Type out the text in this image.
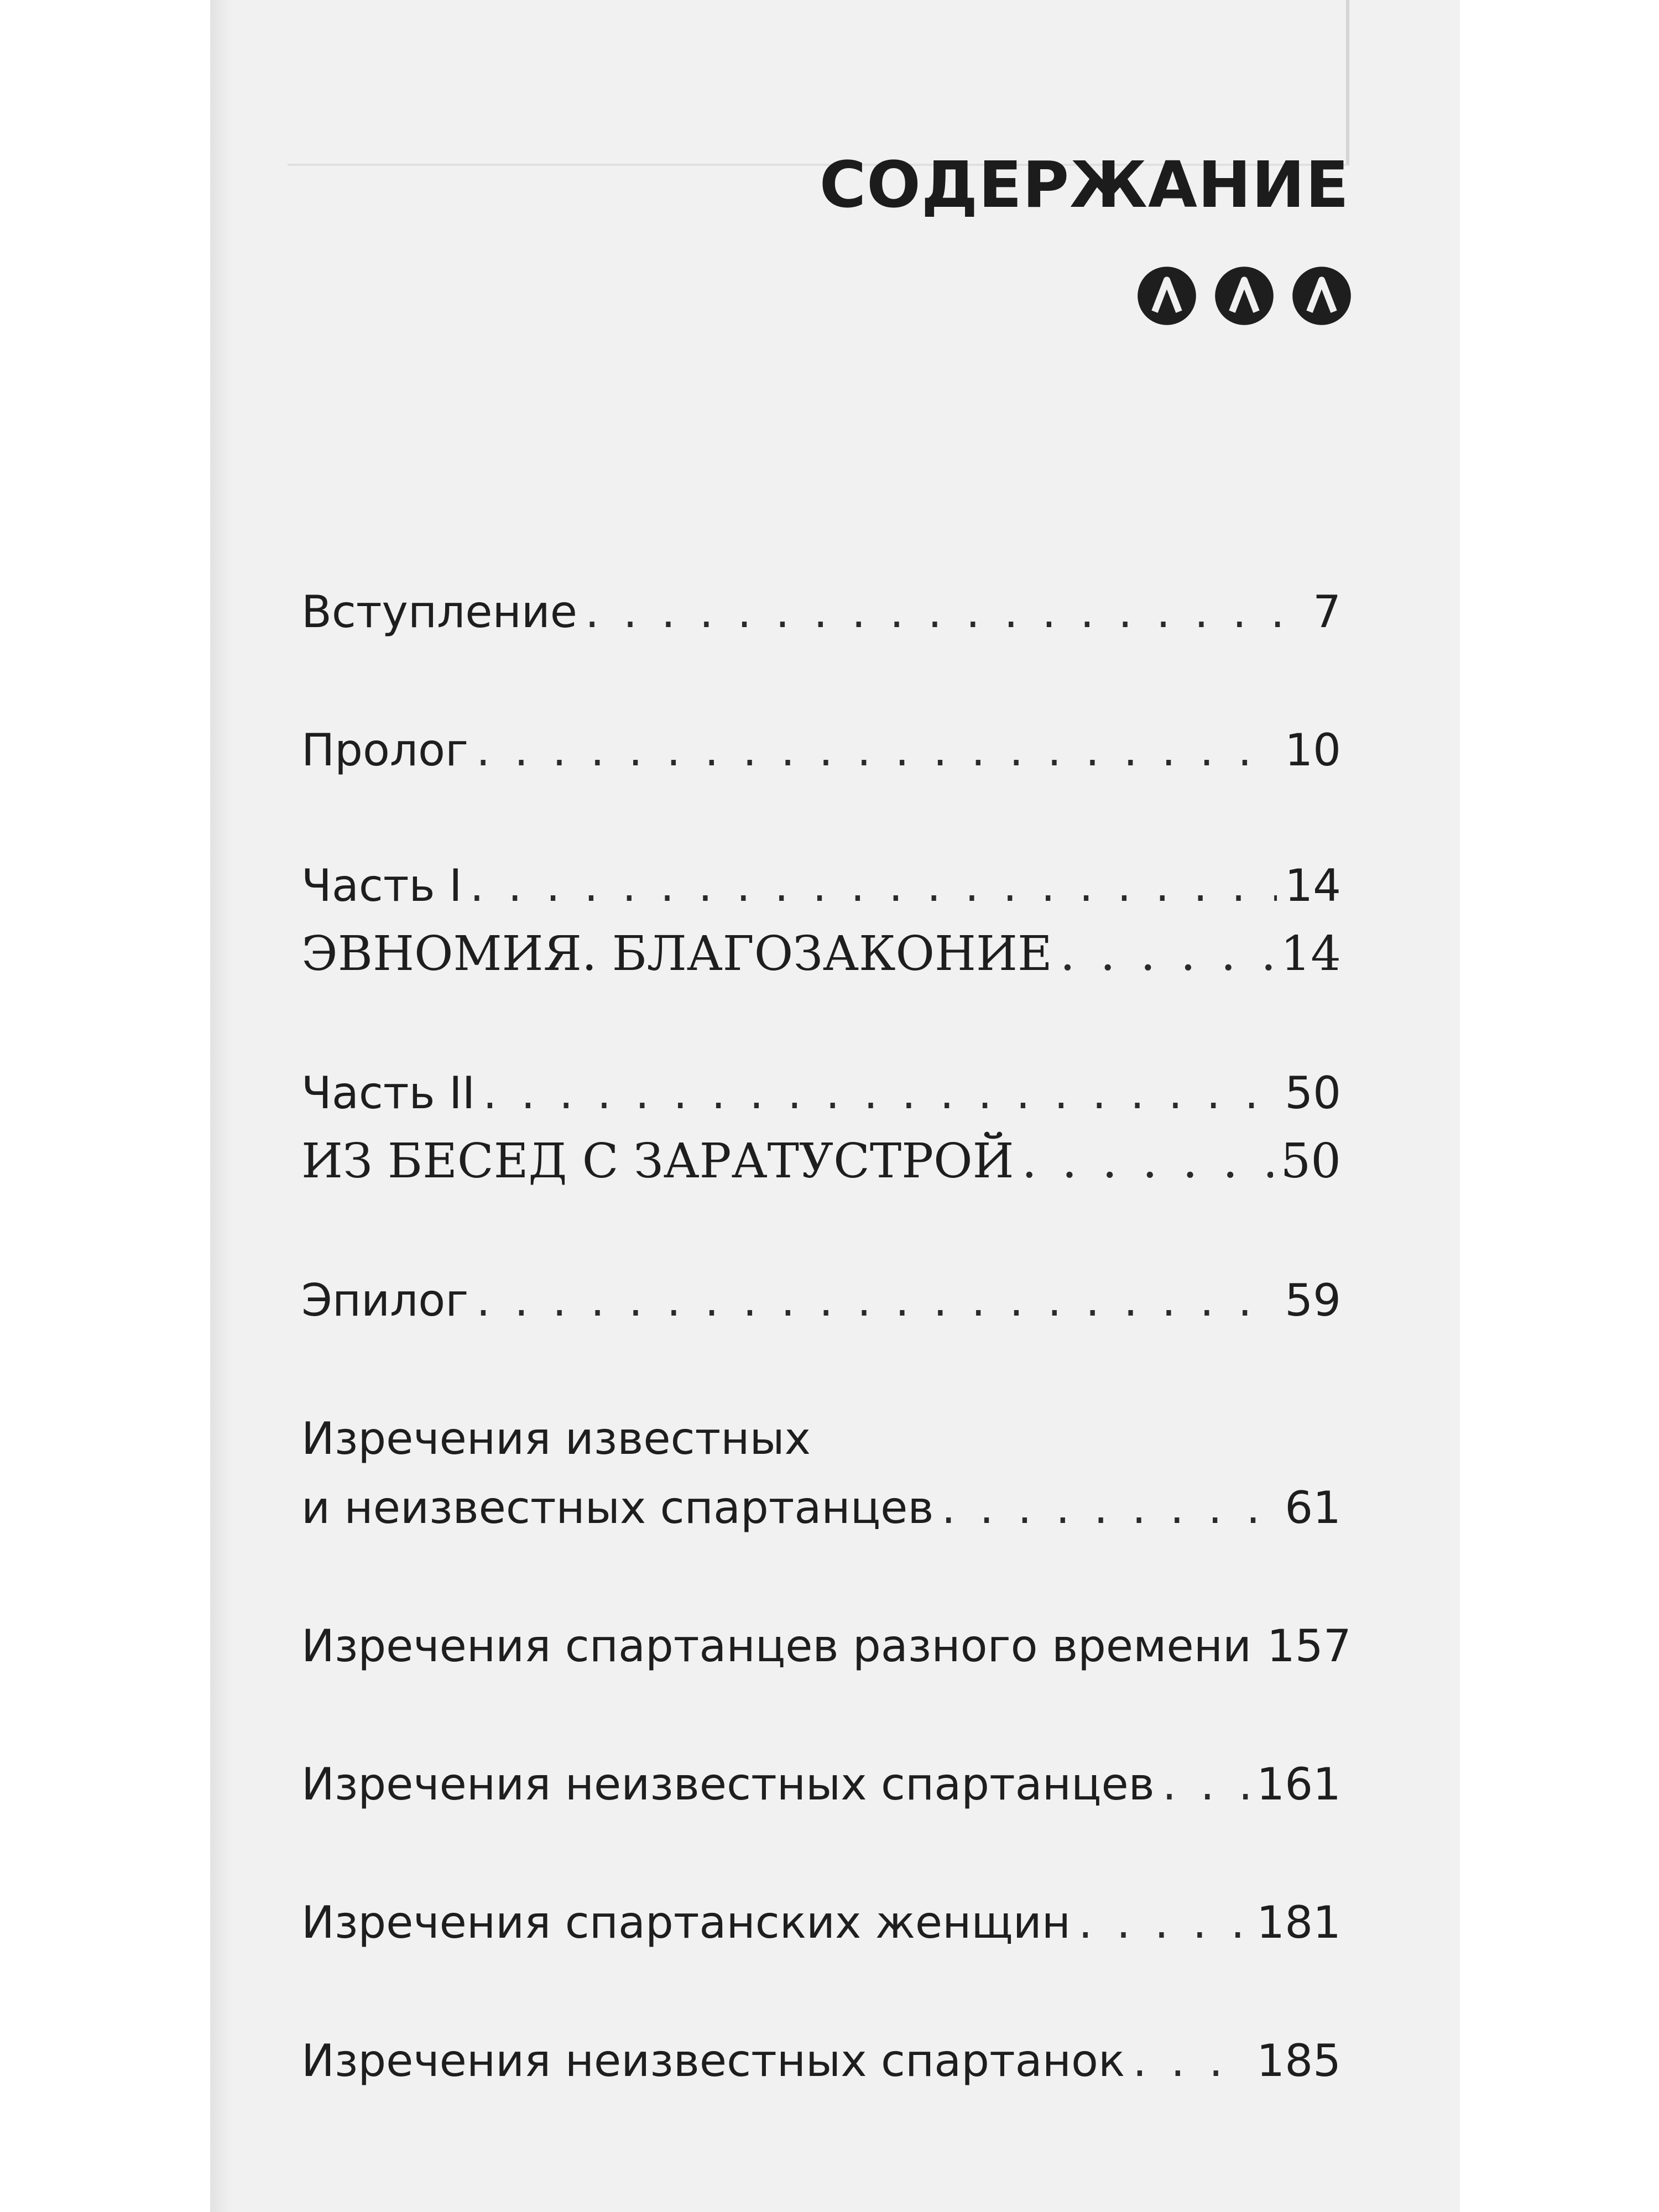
СОДЕРЖАНИЕ
Вступление . . .	7
Пролог . . .	10
Часть I . . .	14
ЭВНОМИЯ. БЛАГОЗАКОНИЕ . . .	14
Часть II . . .	50
ИЗ БЕСЕД С ЗАРАТУСТРОЙ . . .	50
Эпилог . . .	59
Изречения известных
и неизвестных спартанцев . . .	61
Изречения спартанцев разного времени 157
Изречения неизвестных спартанцев . . . 161
Изречения спартанских женщин . . .	181
Изречения неизвестных спартанок . . .	185
